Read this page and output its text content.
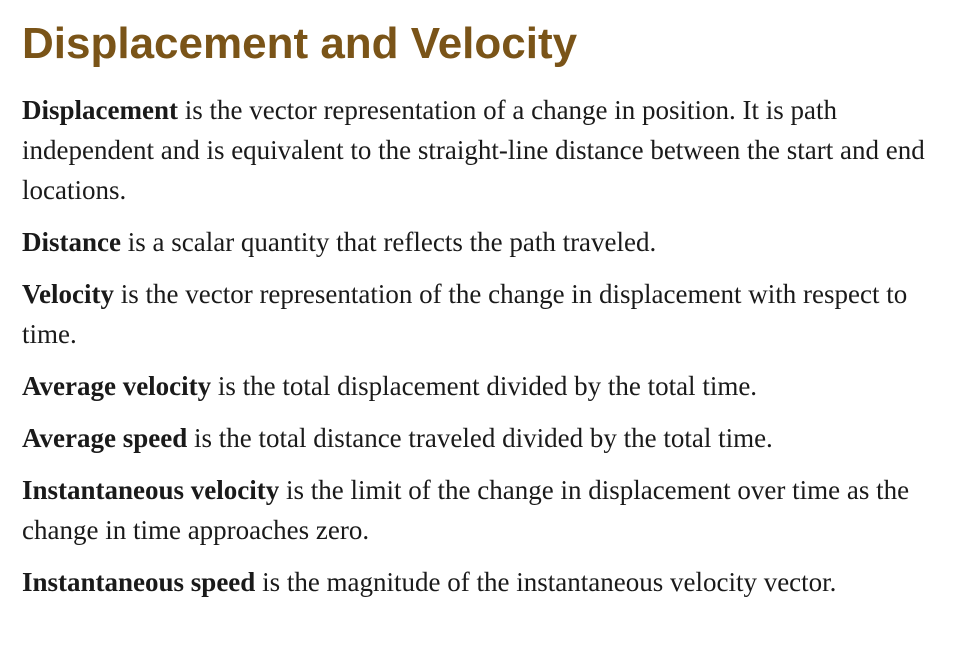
Displacement and Velocity

Displacement is the vector representation of a change in position. It is path independent and is equivalent to the straight-line distance between the start and end locations.

Distance is a scalar quantity that reflects the path traveled.

Velocity is the vector representation of the change in displacement with respect to time.

Average velocity is the total displacement divided by the total time.

Average speed is the total distance traveled divided by the total time.

Instantaneous velocity is the limit of the change in displacement over time as the change in time approaches zero.

Instantaneous speed is the magnitude of the instantaneous velocity vector.
